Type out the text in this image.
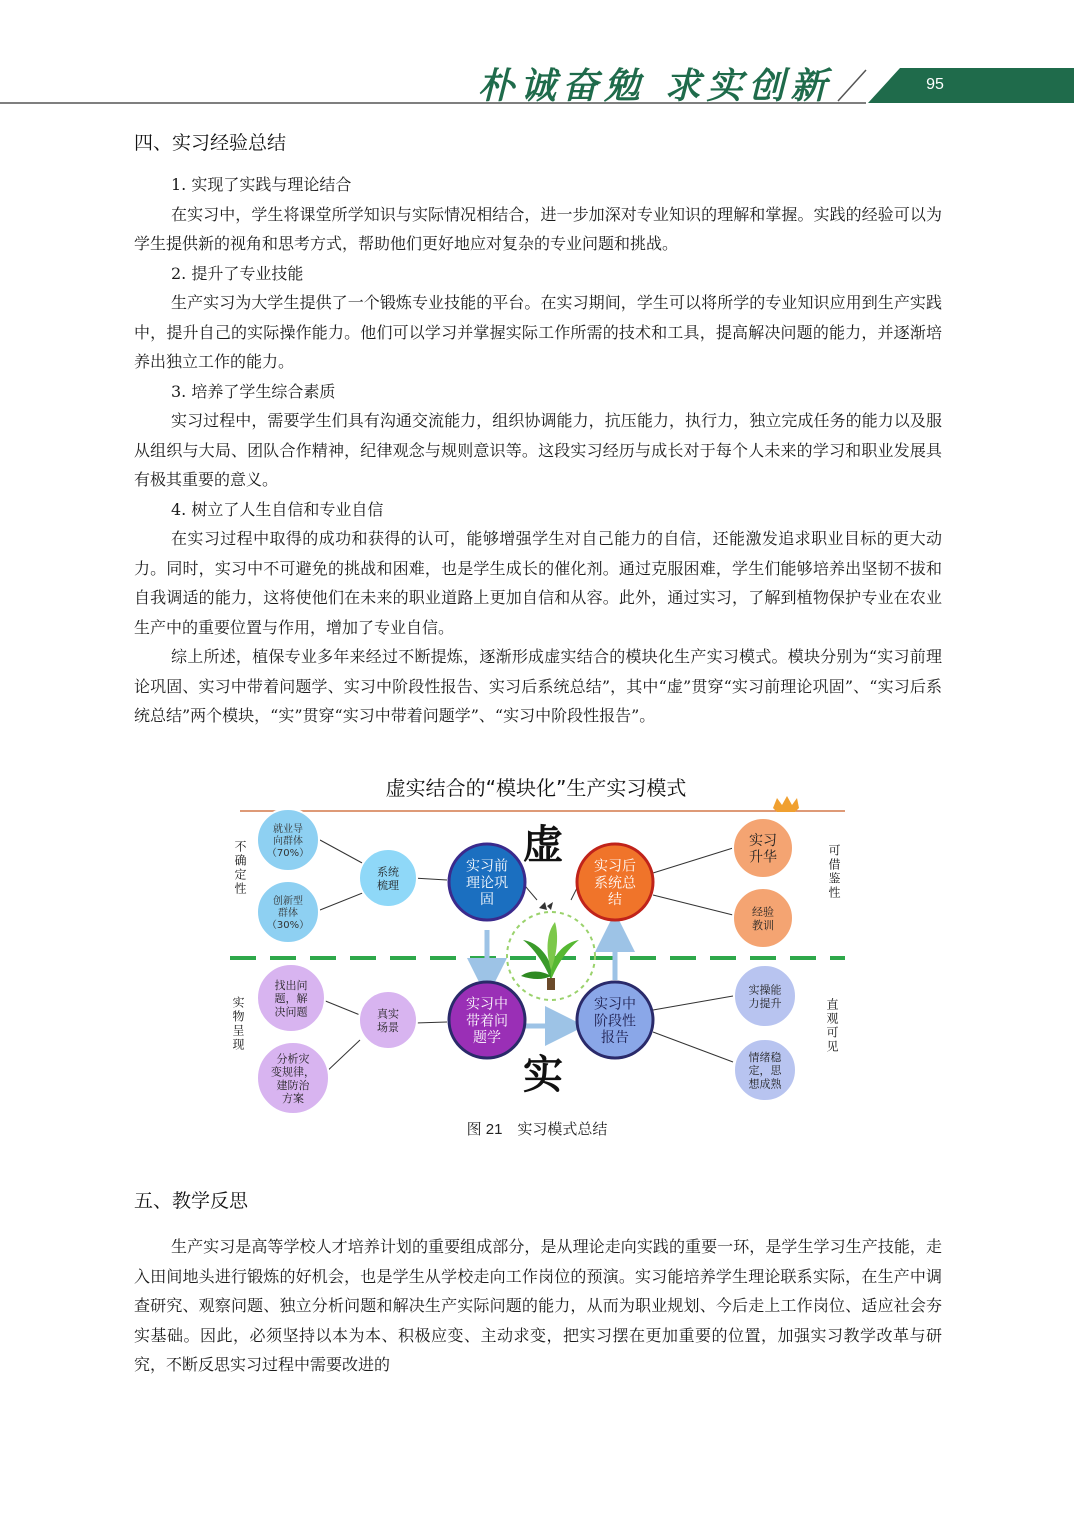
朴诚奋勉 求实创新	95
四、实习经验总结

1. 实现了实践与理论结合

在实习中，学生将课堂所学知识与实际情况相结合，进一步加深对专业知识的理解和掌握。实践的经验可以为学生提供新的视角和思考方式，帮助他们更好地应对复杂的专业问题和挑战。

2. 提升了专业技能

生产实习为大学生提供了一个锻炼专业技能的平台。在实习期间，学生可以将所学的专业知识应用到生产实践中，提升自己的实际操作能力。他们可以学习并掌握实际工作所需的技术和工具，提高解决问题的能力，并逐渐培养出独立工作的能力。

3. 培养了学生综合素质

实习过程中，需要学生们具有沟通交流能力，组织协调能力，抗压能力，执行力，独立完成任务的能力以及服从组织与大局、团队合作精神，纪律观念与规则意识等。这段实习经历与成长对于每个人未来的学习和职业发展具有极其重要的意义。

4. 树立了人生自信和专业自信

在实习过程中取得的成功和获得的认可，能够增强学生对自己能力的自信，还能激发追求职业目标的更大动力。同时，实习中不可避免的挑战和困难，也是学生成长的催化剂。通过克服困难，学生们能够培养出坚韧不拔和自我调适的能力，这将使他们在未来的职业道路上更加自信和从容。此外，通过实习，了解到植物保护专业在农业生产中的重要位置与作用，增加了专业自信。

综上所述，植保专业多年来经过不断提炼，逐渐形成虚实结合的模块化生产实习模式。模块分别为“实习前理论巩固、实习中带着问题学、实习中阶段性报告、实习后系统总结”，其中“虚”贯穿“实习前理论巩固”、“实习后系统总结”两个模块，“实”贯穿“实习中带着问题学”、“实习中阶段性报告”。

虚实结合的“模块化”生产实习模式
虚
实
不确定性
实物呈现
可借鉴性
直观可见
就业导
向群体
（70%）
创新型
群体
（30%）
系统
梳理
实习前
理论巩
固
实习后
系统总
结
实习
升华
经验
教训
找出问
题，解
决问题
分析灾
变规律，
建防治
方案
真实
场景
实习中
带着问
题学
实习中
阶段性
报告
实操能
力提升
情绪稳
定，思
想成熟
图 21　实习模式总结
五、教学反思

生产实习是高等学校人才培养计划的重要组成部分，是从理论走向实践的重要一环，是学生学习生产技能，走入田间地头进行锻炼的好机会，也是学生从学校走向工作岗位的预演。实习能培养学生理论联系实际，在生产中调查研究、观察问题、独立分析问题和解决生产实际问题的能力，从而为职业规划、今后走上工作岗位、适应社会夯实基础。因此，必须坚持以本为本、积极应变、主动求变，把实习摆在更加重要的位置，加强实习教学改革与研究，不断反思实习过程中需要改进的
